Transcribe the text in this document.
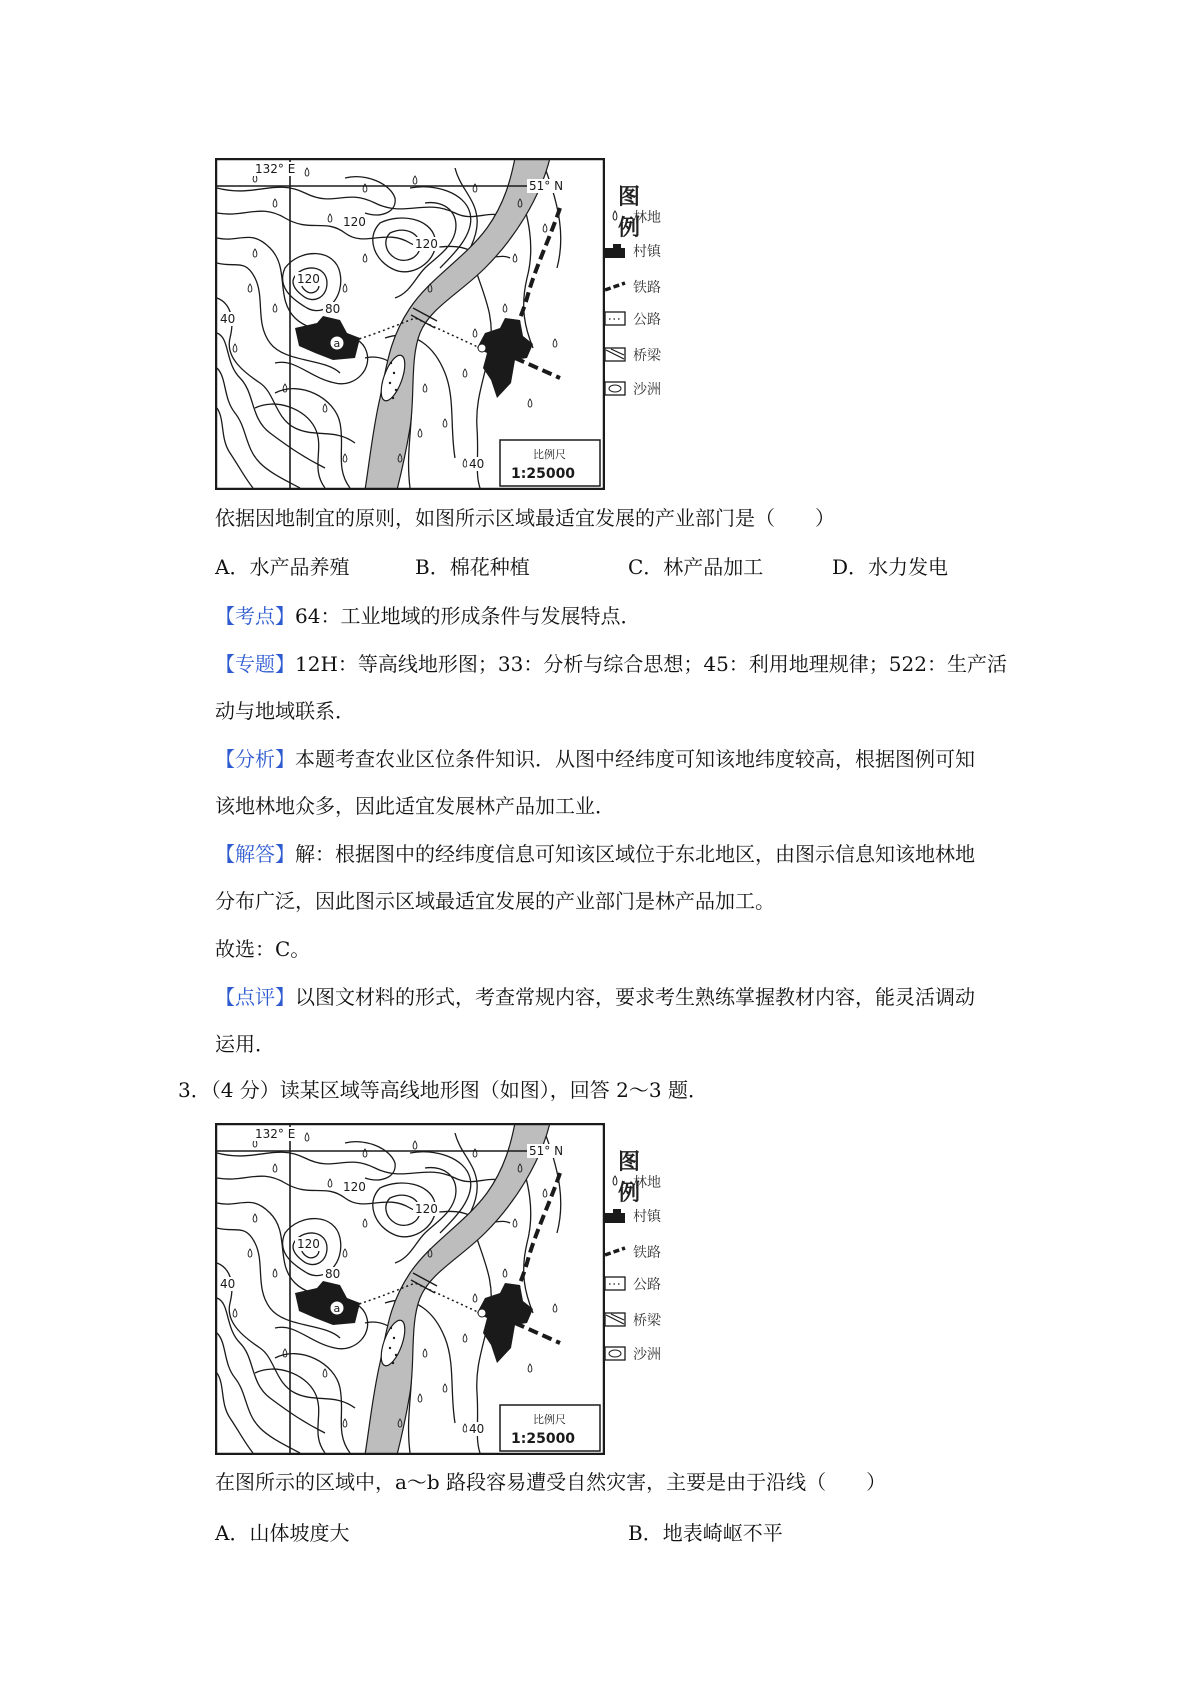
a
132° E
51° N
120
120
120
80
40
40
比例尺
1:25000
图例
林地
村镇
铁路
公路
桥梁
沙洲
依据因地制宜的原则，如图所示区域最适宜发展的产业部门是（　　）
A．水产品养殖	B．棉花种植	C．林产品加工	D．水力发电
【考点】64：工业地域的形成条件与发展特点．
【专题】12H：等高线地形图；33：分析与综合思想；45：利用地理规律；522：生产活
动与地域联系．
【分析】本题考查农业区位条件知识．从图中经纬度可知该地纬度较高，根据图例可知
该地林地众多，因此适宜发展林产品加工业．
【解答】解：根据图中的经纬度信息可知该区域位于东北地区，由图示信息知该地林地
分布广泛，因此图示区域最适宜发展的产业部门是林产品加工。
故选：C。
【点评】以图文材料的形式，考查常规内容，要求考生熟练掌握教材内容，能灵活调动
运用．
3．（4 分）读某区域等高线地形图（如图），回答 2～3 题．
a
132° E
51° N
120
120
120
80
40
40
比例尺
1:25000
图例
林地
村镇
铁路
公路
桥梁
沙洲
在图所示的区域中，a～b 路段容易遭受自然灾害，主要是由于沿线（　　）
A．山体坡度大	B．地表崎岖不平
